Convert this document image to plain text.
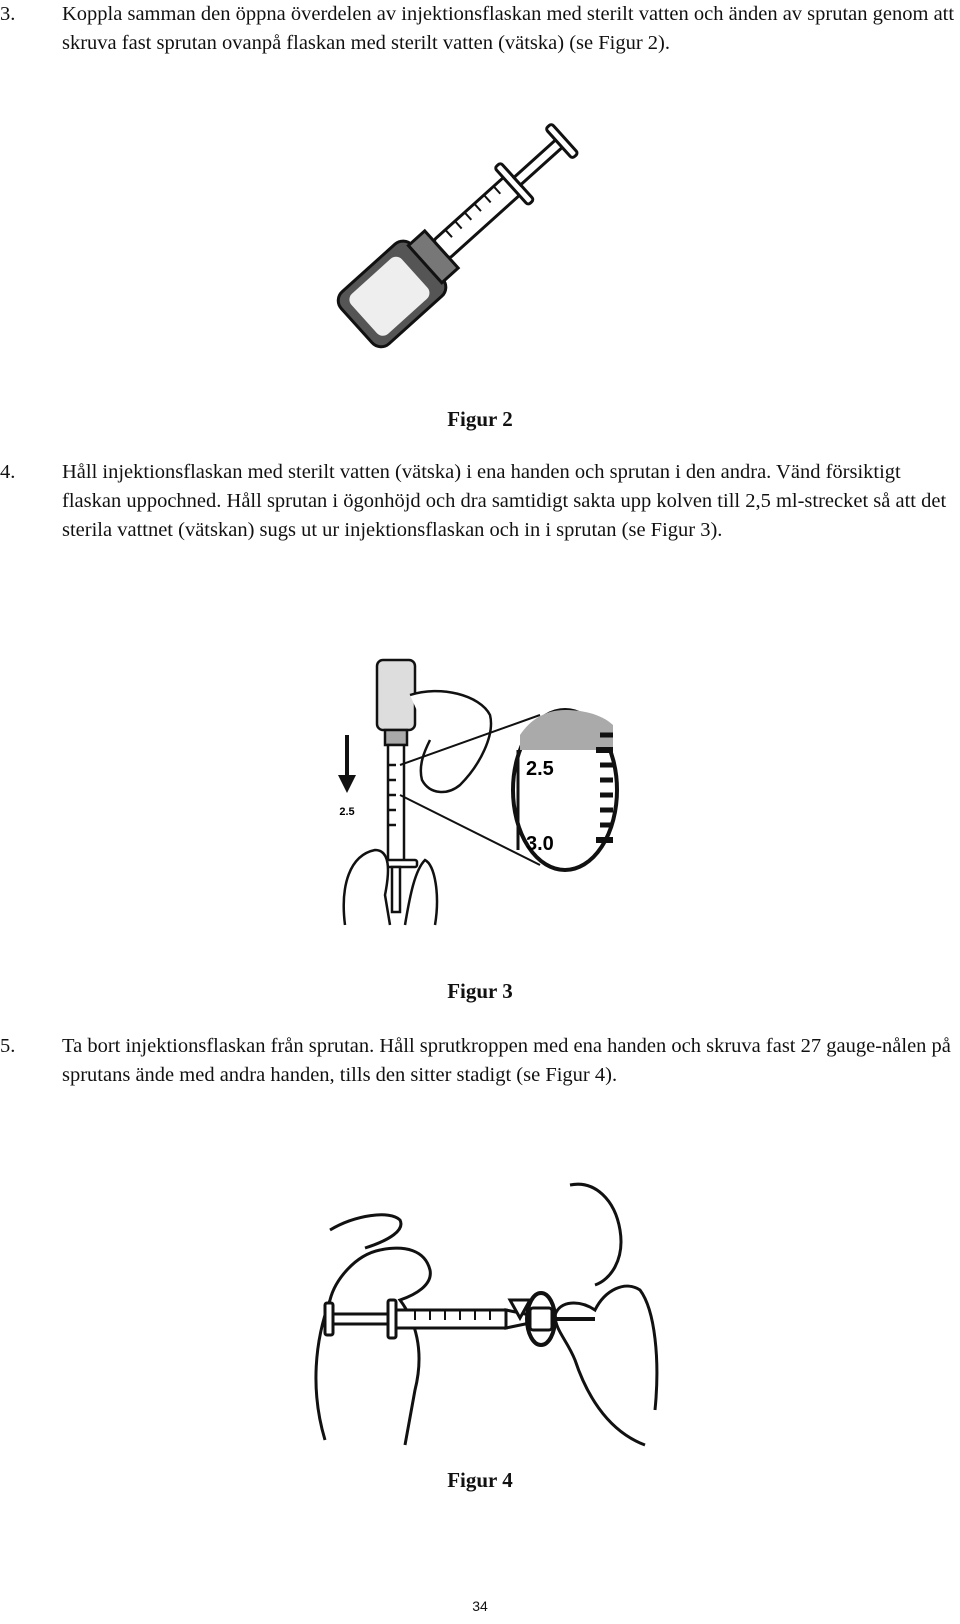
3. Koppla samman den öppna överdelen av injektionsflaskan med sterilt vatten och änden av sprutan genom att skruva fast sprutan ovanpå flaskan med sterilt vatten (vätska) (se Figur 2).
Figur 2
4. Håll injektionsflaskan med sterilt vatten (vätska) i ena handen och sprutan i den andra. Vänd försiktigt flaskan uppochned. Håll sprutan i ögonhöjd och dra samtidigt sakta upp kolven till 2,5 ml-strecket så att det sterila vattnet (vätskan) sugs ut ur injektionsflaskan och in i sprutan (se Figur 3).
2.5
2.5
3.0
Figur 3
5. Ta bort injektionsflaskan från sprutan. Håll sprutkroppen med ena handen och skruva fast 27 gauge-nålen på sprutans ände med andra handen, tills den sitter stadigt (se Figur 4).
Figur 4
34
